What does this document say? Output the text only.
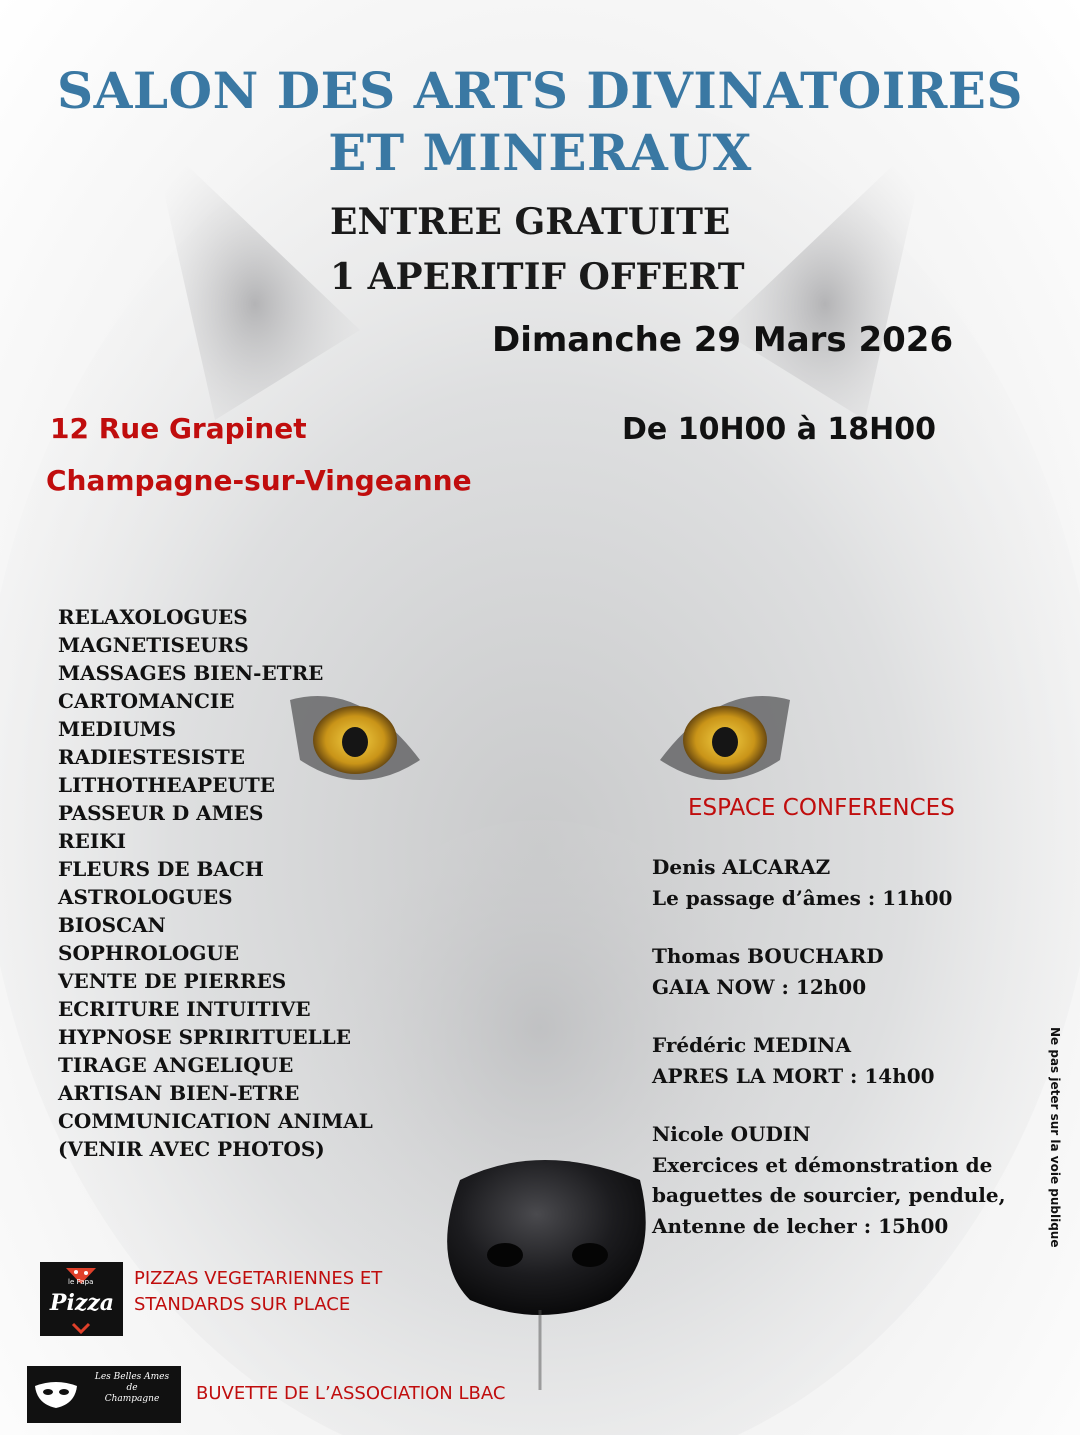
SALON DES ARTS DIVINATOIRES
ET MINERAUX
ENTREE GRATUITE
1 APERITIF OFFERT
Dimanche 29 Mars 2026
12 Rue Grapinet
Champagne-sur-Vingeanne
De 10H00 à 18H00
RELAXOLOGUES
MAGNETISEURS
MASSAGES BIEN-ETRE
CARTOMANCIE
MEDIUMS
RADIESTESISTE
LITHOTHEAPEUTE
PASSEUR D AMES
REIKI
FLEURS DE BACH
ASTROLOGUES
BIOSCAN
SOPHROLOGUE
VENTE DE PIERRES
ECRITURE INTUITIVE
HYPNOSE SPRIRITUELLE
TIRAGE ANGELIQUE
ARTISAN BIEN-ETRE
COMMUNICATION ANIMAL
(VENIR AVEC PHOTOS)
ESPACE CONFERENCES
Denis ALCARAZ
Le passage d’âmes : 11h00
Thomas BOUCHARD
GAIA NOW : 12h00
Frédéric MEDINA
APRES LA MORT : 14h00
Nicole OUDIN
Exercices et démonstration de
baguettes de sourcier, pendule,
Antenne de lecher : 15h00	Ne pas jeter sur la voie publique
le Papa
Pizza
PIZZAS VEGETARIENNES ET
STANDARDS SUR PLACE
Les Belles Ames
de
Champagne	BUVETTE DE L’ASSOCIATION LBAC
